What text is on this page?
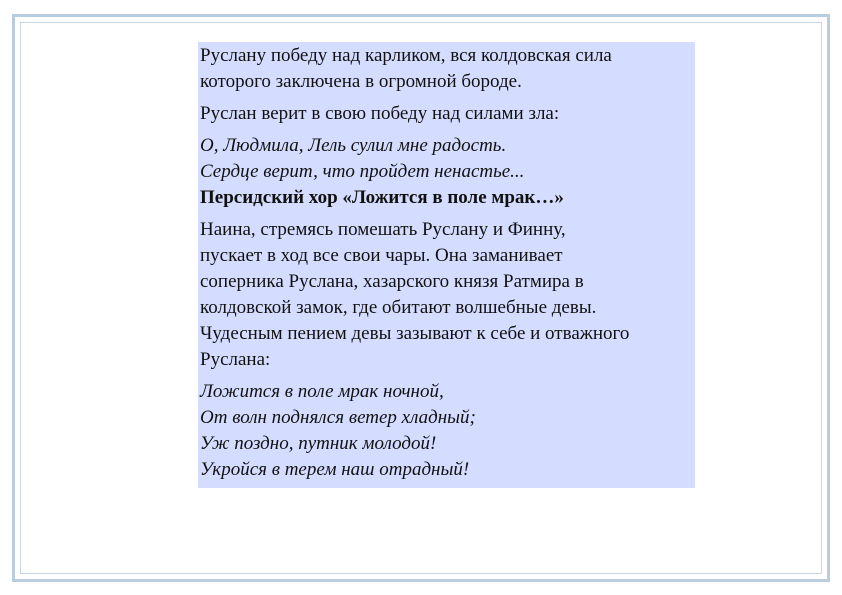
Руслану победу над карликом, вся колдовская сила
которого заключена в огромной бороде.
Руслан верит в свою победу над силами зла:
О, Людмила, Лель сулил мне радость.
Сердце верит, что пройдет ненастье...
Персидский хор «Ложится в поле мрак…»
Наина, стремясь помешать Руслану и Финну,
пускает в ход все свои чары. Она заманивает
соперника Руслана, хазарского князя Ратмира в
колдовской замок, где обитают волшебные девы.
Чудесным пением девы зазывают к себе и отважного
Руслана:
Ложится в поле мрак ночной,
От волн поднялся ветер хладный;
Уж поздно, путник молодой!
Укройся в терем наш отрадный!
